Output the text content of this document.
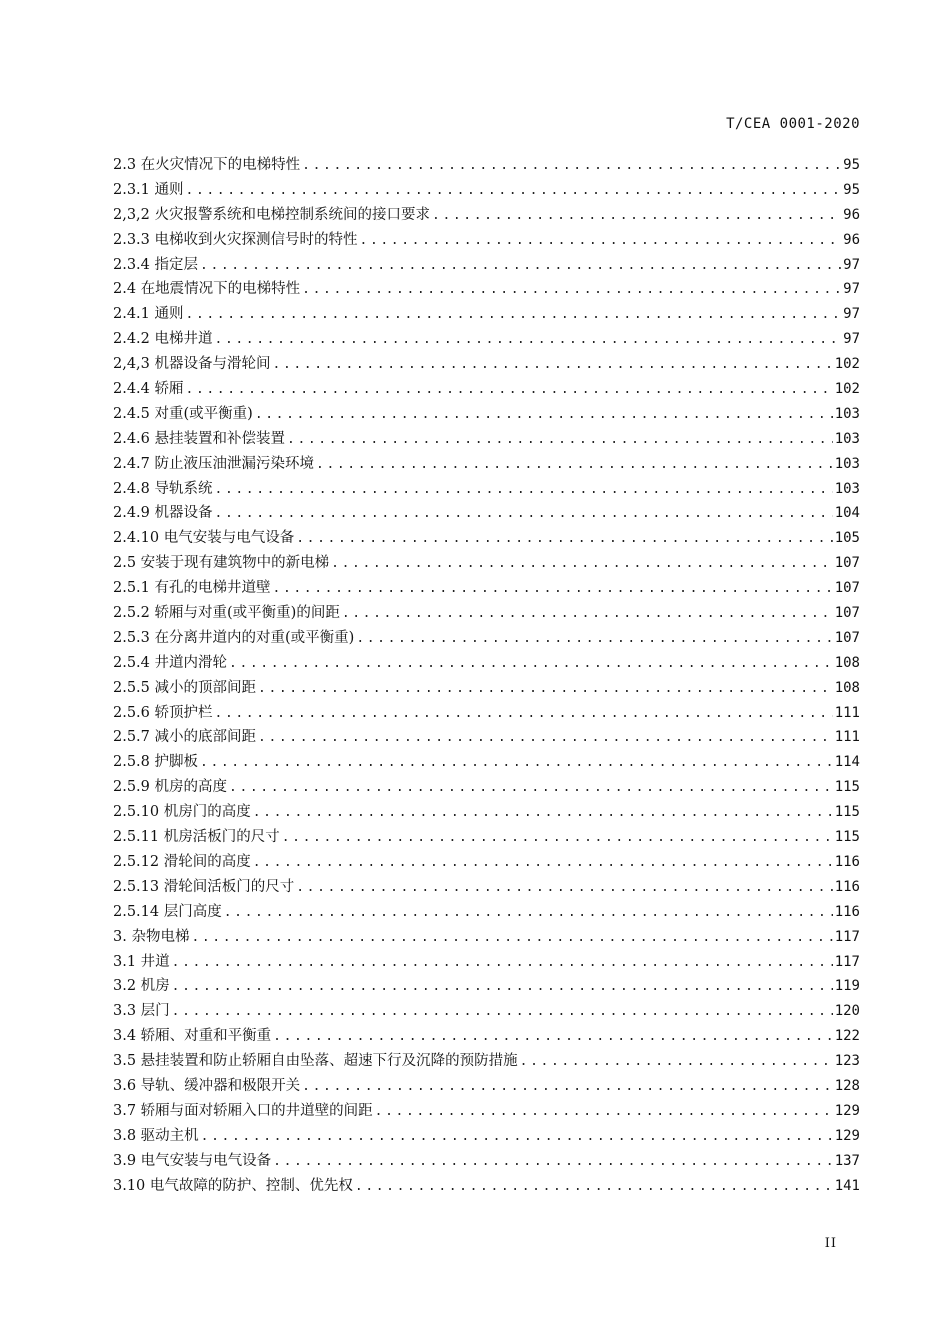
T/CEA 0001-2020
2.3 在火灾情况下的电梯特性 .....	95
2.3.1 通则 .....	95
2,3,2 火灾报警系统和电梯控制系统间的接口要求 .....	96
2.3.3 电梯收到火灾探测信号时的特性 .....	96
2.3.4 指定层 .....	97
2.4 在地震情况下的电梯特性 .....	97
2.4.1 通则 .....	97
2.4.2 电梯井道 .....	97
2,4,3 机器设备与滑轮间 .....	102
2.4.4 轿厢 .....	102
2.4.5 对重(或平衡重) .....	103
2.4.6 悬挂装置和补偿装置 .....	103
2.4.7 防止液压油泄漏污染环境 .....	103
2.4.8 导轨系统 .....	103
2.4.9 机器设备 .....	104
2.4.10 电气安装与电气设备 .....	105
2.5 安装于现有建筑物中的新电梯 .....	107
2.5.1 有孔的电梯井道壁 .....	107
2.5.2 轿厢与对重(或平衡重)的间距 .....	107
2.5.3 在分离井道内的对重(或平衡重) .....	107
2.5.4 井道内滑轮 .....	108
2.5.5 减小的顶部间距 .....	108
2.5.6 轿顶护栏 .....	111
2.5.7 减小的底部间距 .....	111
2.5.8 护脚板 .....	114
2.5.9 机房的高度 .....	115
2.5.10 机房门的高度 .....	115
2.5.11 机房活板门的尺寸 .....	115
2.5.12 滑轮间的高度 .....	116
2.5.13 滑轮间活板门的尺寸 .....	116
2.5.14 层门高度 .....	116
3. 杂物电梯 .....	117
3.1 井道 .....	117
3.2 机房 .....	119
3.3 层门 .....	120
3.4 轿厢、对重和平衡重 .....	122
3.5 悬挂装置和防止轿厢自由坠落、超速下行及沉降的预防措施 .....	123
3.6 导轨、缓冲器和极限开关 .....	128
3.7 轿厢与面对轿厢入口的井道壁的间距 .....	129
3.8 驱动主机 .....	129
3.9 电气安装与电气设备 .....	137
3.10 电气故障的防护、控制、优先权 .....	141
II
